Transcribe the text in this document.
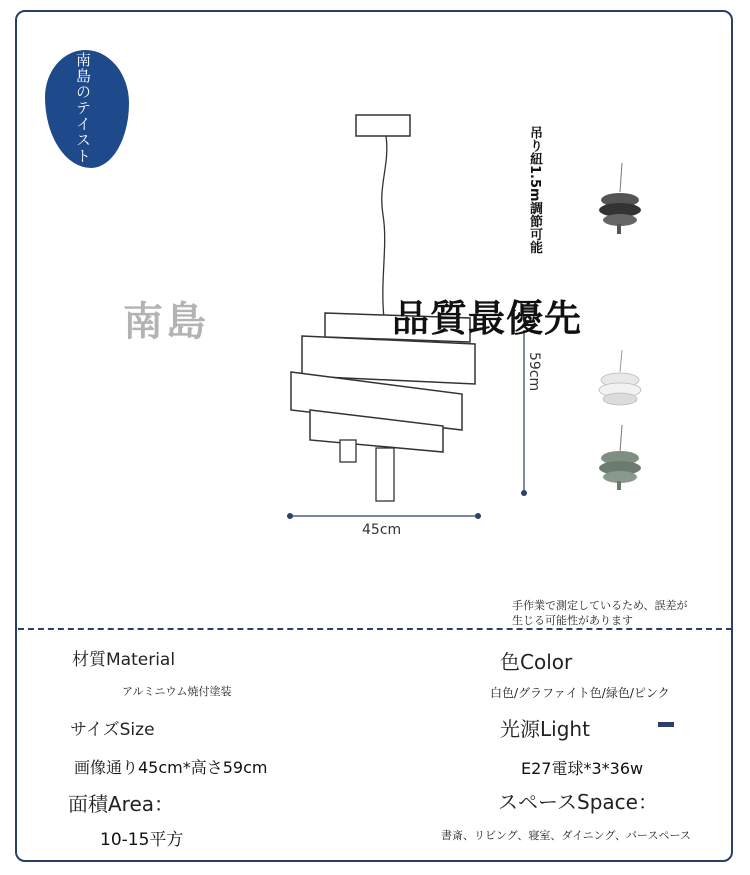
南島のテイスト
南島	品質最優先
吊り紐1.5m調節可能
59cm
45cm
手作業で測定しているため、誤差が生じる可能性があります
材質Material
アルミニウム焼付塗装
色Color
白色/グラファイト色/緑色/ピンク
サイズSize
画像通り45cm*高さ59cm
光源Light
E27電球*3*36w
面積Area：
10-15平方
スペースSpace：
書斎、リビング、寝室、ダイニング、バースペース
